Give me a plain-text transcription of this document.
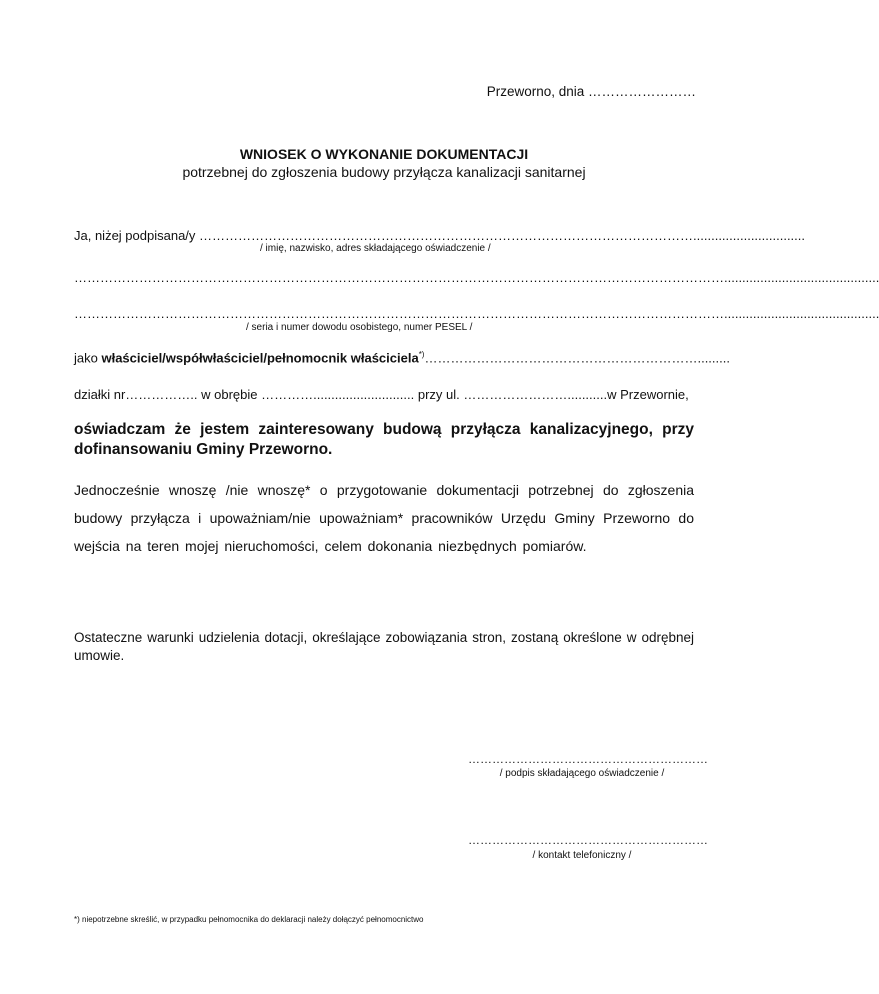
Przeworno, dnia ……………………
WNIOSEK O WYKONANIE DOKUMENTACJI
potrzebnej do zgłoszenia budowy przyłącza kanalizacji sanitarnej
Ja, niżej podpisana/y ……………………………………………………………………………………………………...............................
/ imię, nazwisko, adres składającego oświadczenie /
……………………………………………………………………………………………………………………………………...........................................
……………………………………………………………………………………………………………………………………...........................................
/ seria i numer dowodu osobistego, numer PESEL /
jako właściciel/współwłaściciel/pełnomocnik właściciela*)……………………………………………………….........
działki nr…………….. w obrębie …………............................ przy ul. ……………………...........w Przewornie,
oświadczam że jestem zainteresowany budową przyłącza kanalizacyjnego, przy dofinansowaniu Gminy Przeworno.
Jednocześnie wnoszę /nie wnoszę* o przygotowanie dokumentacji potrzebnej do zgłoszenia budowy przyłącza i upoważniam/nie upoważniam* pracowników Urzędu Gminy Przeworno do wejścia na teren mojej nieruchomości, celem dokonania niezbędnych pomiarów.
Ostateczne warunki udzielenia dotacji, określające zobowiązania stron, zostaną określone w odrębnej umowie.
……………………………………………………
/ podpis składającego oświadczenie /
……………………………………………………
/ kontakt telefoniczny /
*) niepotrzebne skreślić, w przypadku pełnomocnika do deklaracji należy dołączyć pełnomocnictwo
